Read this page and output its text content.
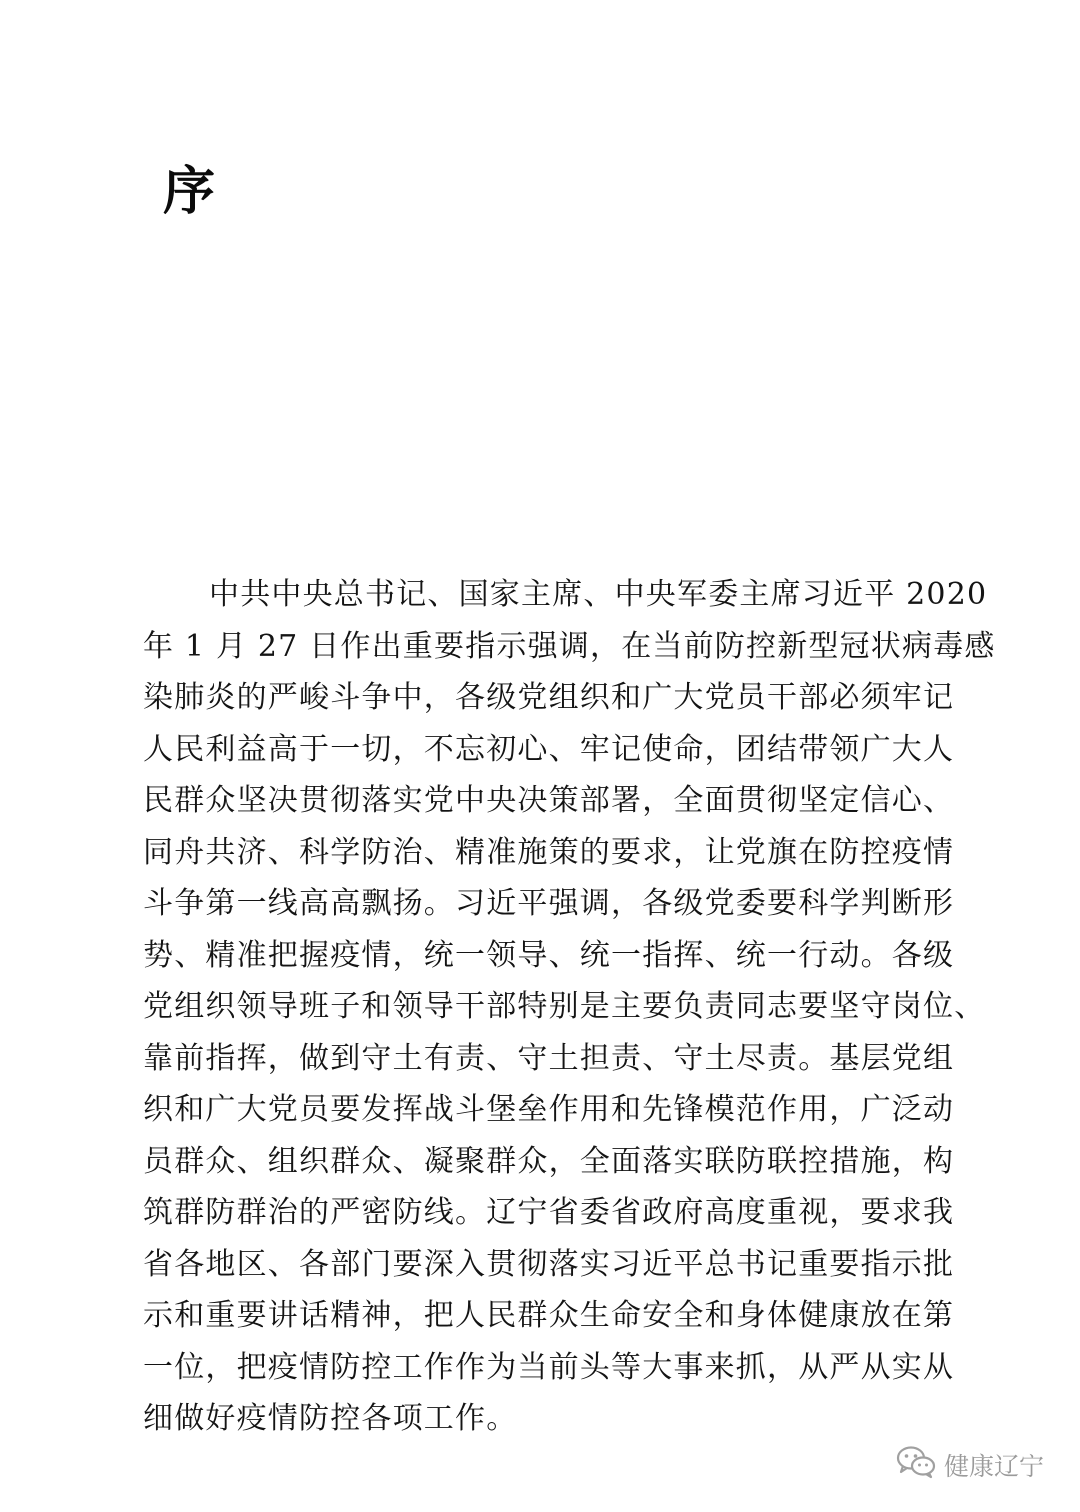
序

中共中央总书记、国家主席、中央军委主席习近平 2020
年 1 月 27 日作出重要指示强调，在当前防控新型冠状病毒感
染肺炎的严峻斗争中，各级党组织和广大党员干部必须牢记
人民利益高于一切，不忘初心、牢记使命，团结带领广大人
民群众坚决贯彻落实党中央决策部署，全面贯彻坚定信心、
同舟共济、科学防治、精准施策的要求，让党旗在防控疫情
斗争第一线高高飘扬。习近平强调，各级党委要科学判断形
势、精准把握疫情，统一领导、统一指挥、统一行动。各级
党组织领导班子和领导干部特别是主要负责同志要坚守岗位、
靠前指挥，做到守土有责、守土担责、守土尽责。基层党组
织和广大党员要发挥战斗堡垒作用和先锋模范作用，广泛动
员群众、组织群众、凝聚群众，全面落实联防联控措施，构
筑群防群治的严密防线。辽宁省委省政府高度重视，要求我
省各地区、各部门要深入贯彻落实习近平总书记重要指示批
示和重要讲话精神，把人民群众生命安全和身体健康放在第
一位，把疫情防控工作作为当前头等大事来抓，从严从实从
细做好疫情防控各项工作。

健康辽宁
